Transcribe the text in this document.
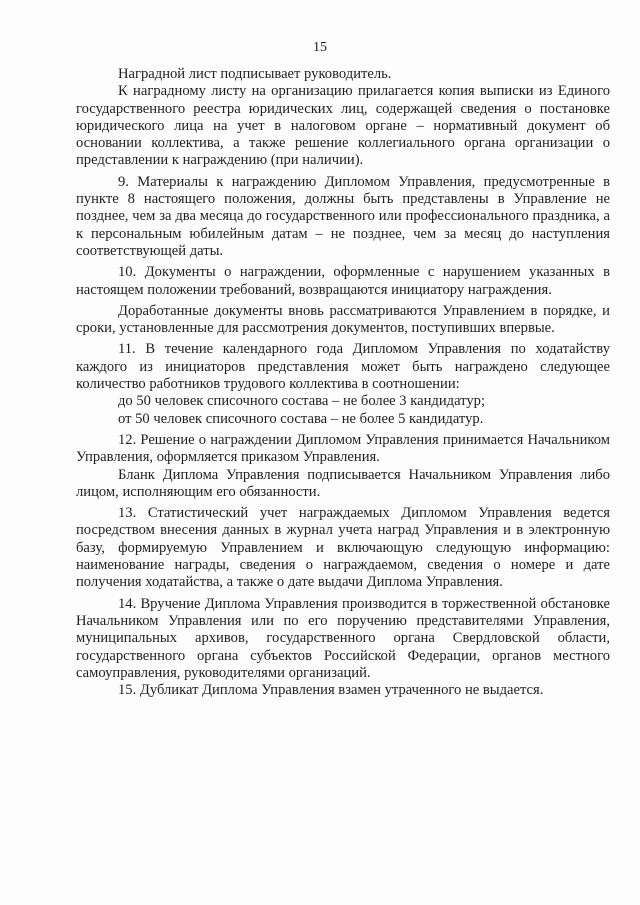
15

Наградной лист подписывает руководитель.

К наградному листу на организацию прилагается копия выписки из Единого государственного реестра юридических лиц, содержащей сведения о постановке юридического лица на учет в налоговом органе – нормативный документ об основании коллектива, а также решение коллегиального органа организации о представлении к награждению (при наличии).

9. Материалы к награждению Дипломом Управления, предусмотренные в пункте 8 настоящего положения, должны быть представлены в Управление не позднее, чем за два месяца до государственного или профессионального праздника, а к персональным юбилейным датам – не позднее, чем за месяц до наступления соответствующей даты.

10. Документы о награждении, оформленные с нарушением указанных в настоящем положении требований, возвращаются инициатору награждения.

Доработанные документы вновь рассматриваются Управлением в порядке, и сроки, установленные для рассмотрения документов, поступивших впервые.

11. В течение календарного года Дипломом Управления по ходатайству каждого из инициаторов представления может быть награждено следующее количество работников трудового коллектива в соотношении:

до 50 человек списочного состава – не более 3 кандидатур;

от 50 человек списочного состава – не более 5 кандидатур.

12. Решение о награждении Дипломом Управления принимается Начальником Управления, оформляется приказом Управления.

Бланк Диплома Управления подписывается Начальником Управления либо лицом, исполняющим его обязанности.

13. Статистический учет награждаемых Дипломом Управления ведется посредством внесения данных в журнал учета наград Управления и в электронную базу, формируемую Управлением и включающую следующую информацию: наименование награды, сведения о награждаемом, сведения о номере и дате получения ходатайства, а также о дате выдачи Диплома Управления.

14. Вручение Диплома Управления производится в торжественной обстановке Начальником Управления или по его поручению представителями Управления, муниципальных архивов, государственного органа Свердловской области, государственного органа субъектов Российской Федерации, органов местного самоуправления, руководителями организаций.

15. Дубликат Диплома Управления взамен утраченного не выдается.
